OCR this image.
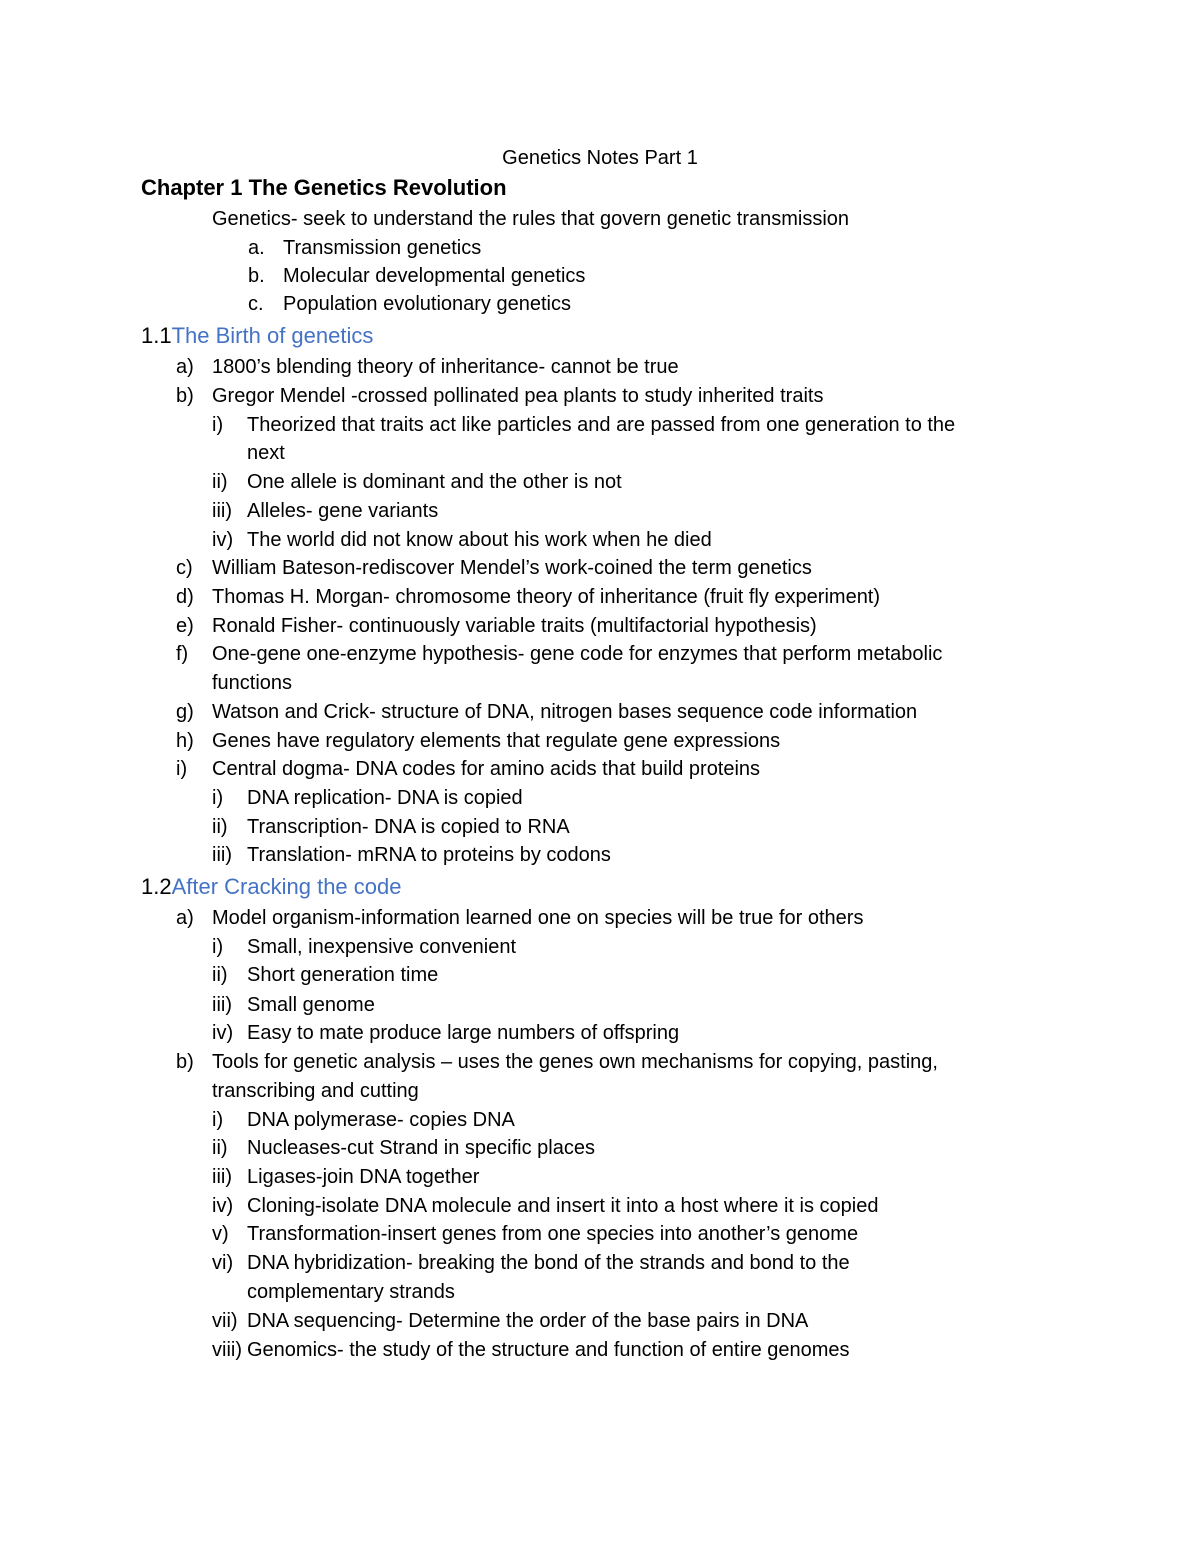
Genetics Notes Part 1
Chapter 1 The Genetics Revolution
Genetics- seek to understand the rules that govern genetic transmission
a. Transmission genetics
b. Molecular developmental genetics
c. Population evolutionary genetics
1.1The Birth of genetics
a) 1800’s blending theory of inheritance- cannot be true
b) Gregor Mendel -crossed pollinated pea plants to study inherited traits
i) Theorized that traits act like particles and are passed from one generation to the
next
ii) One allele is dominant and the other is not
iii) Alleles- gene variants
iv) The world did not know about his work when he died
c) William Bateson-rediscover Mendel’s work-coined the term genetics
d) Thomas H. Morgan- chromosome theory of inheritance (fruit fly experiment)
e) Ronald Fisher- continuously variable traits (multifactorial hypothesis)
f) One-gene one-enzyme hypothesis- gene code for enzymes that perform metabolic
functions
g) Watson and Crick- structure of DNA, nitrogen bases sequence code information
h) Genes have regulatory elements that regulate gene expressions
i) Central dogma- DNA codes for amino acids that build proteins
i) DNA replication- DNA is copied
ii) Transcription- DNA is copied to RNA
iii) Translation- mRNA to proteins by codons
1.2After Cracking the code
a) Model organism-information learned one on species will be true for others
i) Small, inexpensive convenient
ii) Short generation time
iii) Small genome
iv) Easy to mate produce large numbers of offspring
b) Tools for genetic analysis – uses the genes own mechanisms for copying, pasting,
transcribing and cutting
i) DNA polymerase- copies DNA
ii) Nucleases-cut Strand in specific places
iii) Ligases-join DNA together
iv) Cloning-isolate DNA molecule and insert it into a host where it is copied
v) Transformation-insert genes from one species into another’s genome
vi) DNA hybridization- breaking the bond of the strands and bond to the
complementary strands
vii) DNA sequencing- Determine the order of the base pairs in DNA
viii) Genomics- the study of the structure and function of entire genomes
